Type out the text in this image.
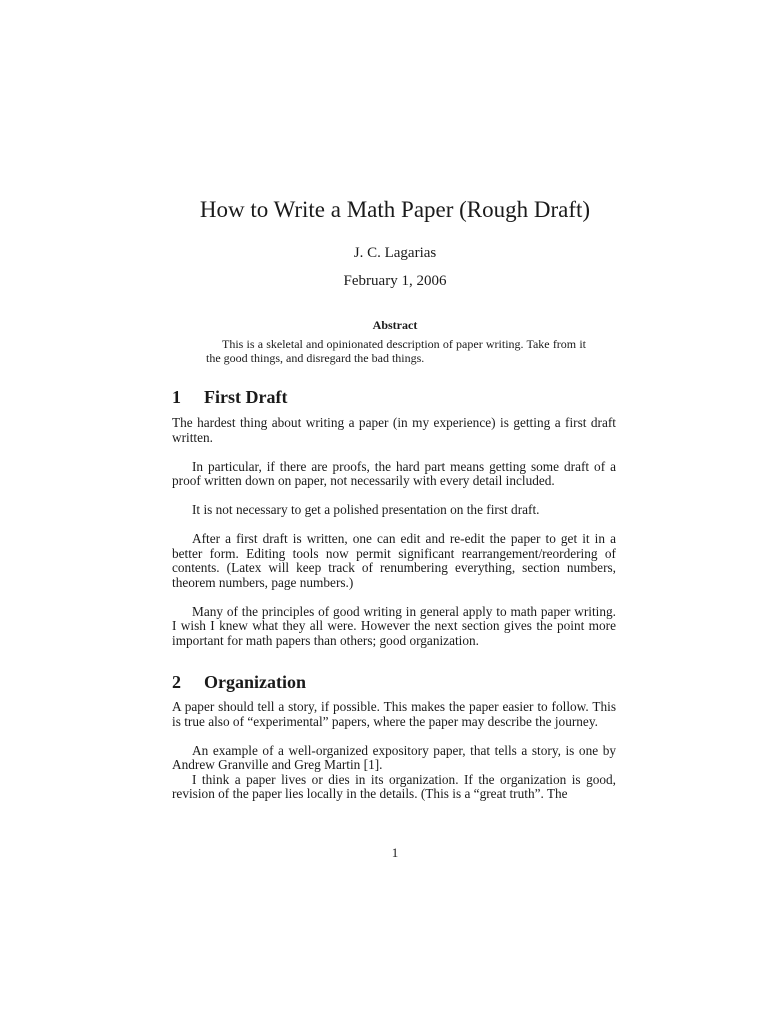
How to Write a Math Paper (Rough Draft)
J. C. Lagarias
February 1, 2006
Abstract
This is a skeletal and opinionated description of paper writing. Take from it the good things, and disregard the bad things.
1 First Draft

The hardest thing about writing a paper (in my experience) is getting a first draft written.

In particular, if there are proofs, the hard part means getting some draft of a proof written down on paper, not necessarily with every detail included.

It is not necessary to get a polished presentation on the first draft.

After a first draft is written, one can edit and re-edit the paper to get it in a better form. Editing tools now permit significant rearrangement/reordering of contents. (Latex will keep track of renumbering everything, section numbers, theorem numbers, page numbers.)

Many of the principles of good writing in general apply to math paper writing. I wish I knew what they all were. However the next section gives the point more important for math papers than others; good organization.

2 Organization

A paper should tell a story, if possible. This makes the paper easier to follow. This is true also of “experimental” papers, where the paper may describe the journey.

An example of a well-organized expository paper, that tells a story, is one by Andrew Granville and Greg Martin [1].

I think a paper lives or dies in its organization. If the organization is good, revision of the paper lies locally in the details. (This is a “great truth”. The

1
